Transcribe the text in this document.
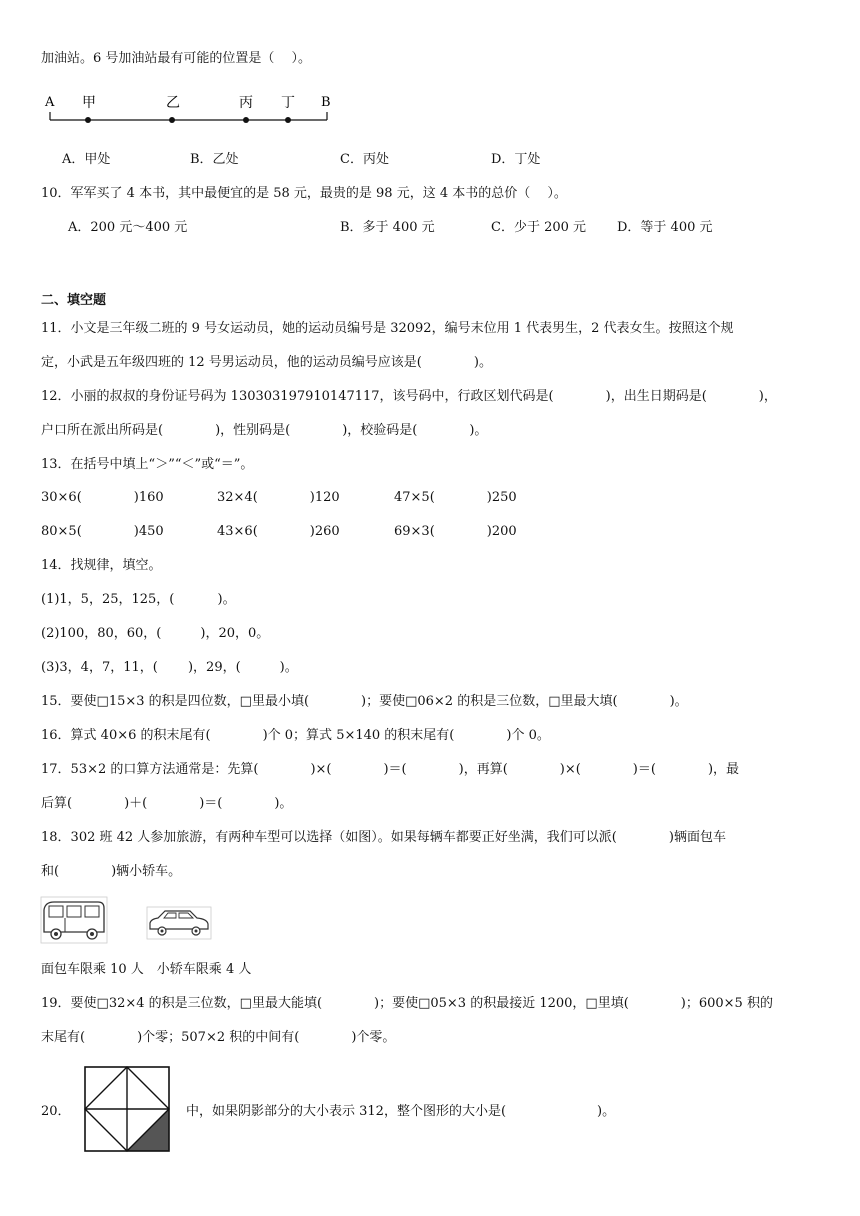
加油站。6 号加油站最有可能的位置是（　 ）。
A	B
甲	乙	丙 丁
A．甲处	B．乙处	C．丙处	D．丁处
10．军军买了 4 本书，其中最便宜的是 58 元，最贵的是 98 元，这 4 本书的总价（　 ）。
A．200 元～400 元	B．多于 400 元	C．少于 200 元 D．等于 400 元
二、填空题
11．小文是三年级二班的 9 号女运动员，她的运动员编号是 32092，编号末位用 1 代表男生，2 代表女生。按照这个规
定，小武是五年级四班的 12 号男运动员，他的运动员编号应该是(　　　　)。
12．小丽的叔叔的身份证号码为 130303197910147117，该号码中，行政区划代码是(　　　　)，出生日期码是(　　　　)，
户口所在派出所码是(　　　　)，性别码是(　　　　)，校验码是(　　　　)。
13．在括号中填上“＞”“＜”或“＝”。
30×6(　　　　)160	32×4(　　　　)120	47×5(　　　　)250
80×5(　　　　)450	43×6(　　　　)260	69×3(　　　　)200
14．找规律，填空。
(1)1，5，25，125，(　　　 )。
(2)100，80，60，(　　　)，20，0。
(3)3，4，7，11，(　　 )，29，(　　　)。
15．要使□15×3 的积是四位数，□里最小填(　　　　)；要使□06×2 的积是三位数，□里最大填(　　　　)。
16．算式 40×6 的积末尾有(　　　　)个 0；算式 5×140 的积末尾有(　　　　)个 0。
17．53×2 的口算方法通常是：先算(　　　　)×(　　　　)＝(　　　　)，再算(　　　　)×(　　　　)＝(　　　　)，最
后算(　　　　)＋(　　　　)＝(　　　　)。
18．302 班 42 人参加旅游，有两种车型可以选择（如图）。如果每辆车都要正好坐满，我们可以派(　　　　)辆面包车
和(　　　　)辆小轿车。
面包车限乘 10 人　小轿车限乘 4 人
19．要使□32×4 的积是三位数，□里最大能填(　　　　)；要使□05×3 的积最接近 1200，□里填(　　　　)；600×5 积的
末尾有(　　　　)个零；507×2 积的中间有(　　　　)个零。
20．	中，如果阴影部分的大小表示 312，整个图形的大小是(　　　　　　　)。
